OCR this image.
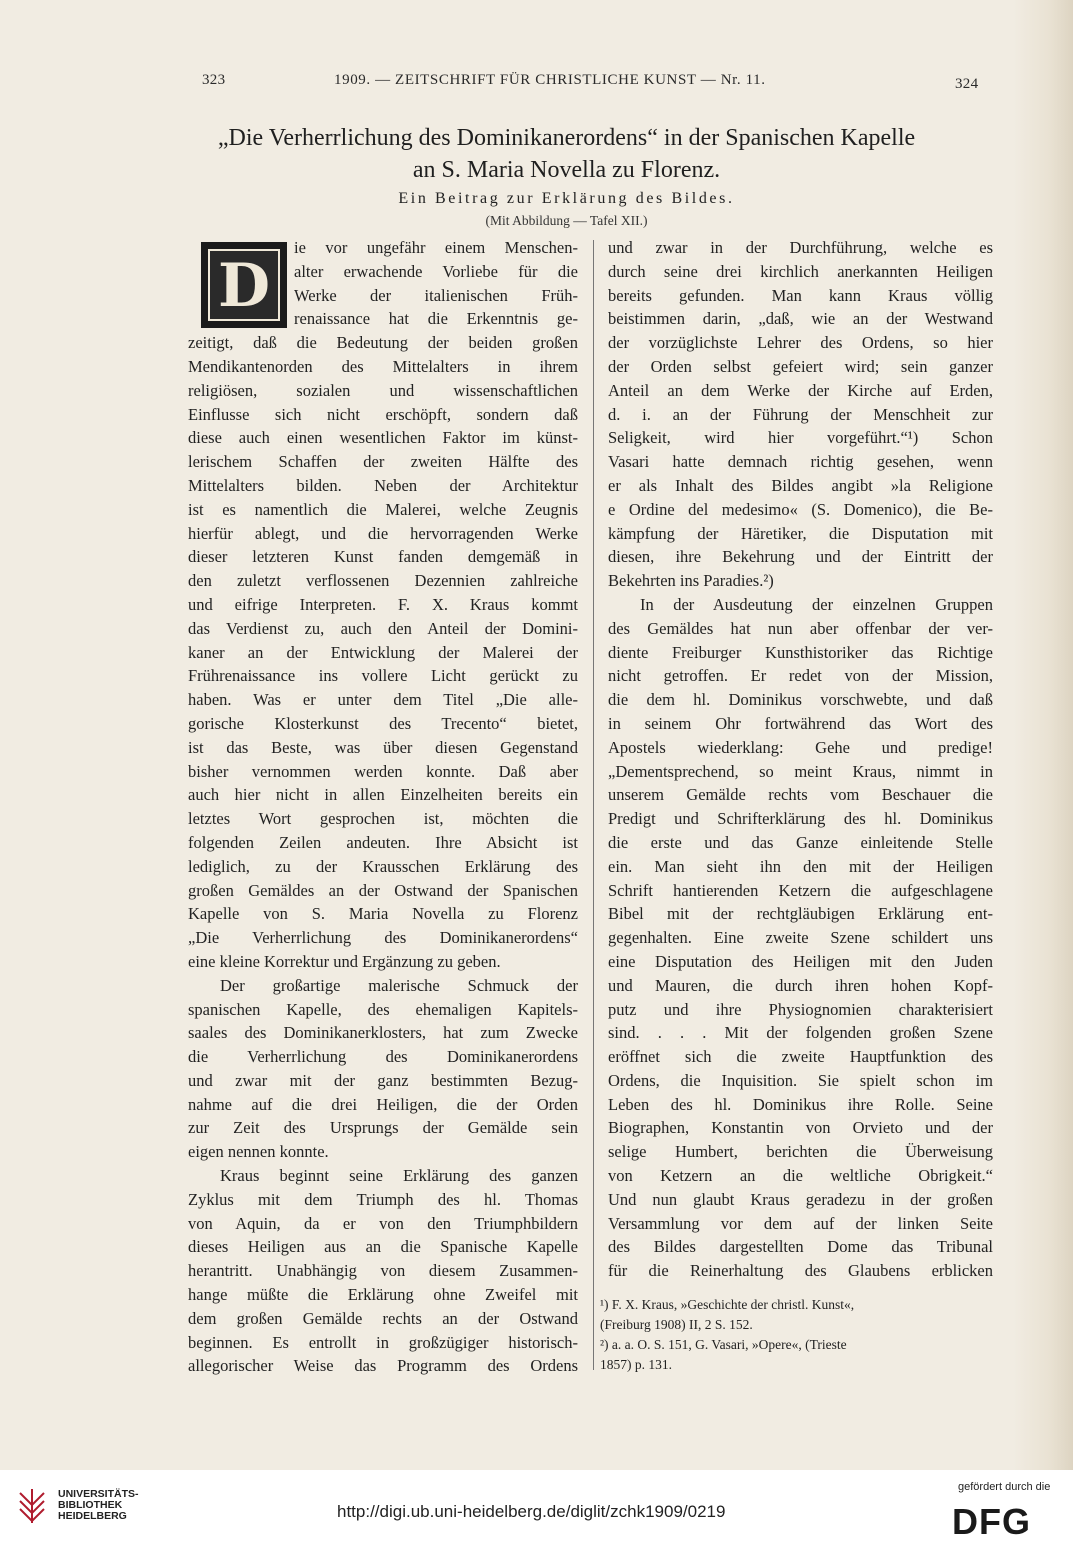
323	1909. — ZEITSCHRIFT FÜR CHRISTLICHE KUNST — Nr. 11.	324
„Die Verherrlichung des Dominikanerordens“ in der Spanischen Kapelle
an S. Maria Novella zu Florenz.
Ein Beitrag zur Erklärung des Bildes.
(Mit Abbildung — Tafel XII.)
D
ie vor ungefähr einem Menschen-
alter erwachende Vorliebe für die
Werke der italienischen Früh-
renaissance hat die Erkenntnis ge-
zeitigt, daß die Bedeutung der beiden großen
Mendikantenorden des Mittelalters in ihrem
religiösen, sozialen und wissenschaftlichen
Einflusse sich nicht erschöpft, sondern daß
diese auch einen wesentlichen Faktor im künst-
lerischem Schaffen der zweiten Hälfte des
Mittelalters bilden. Neben der Architektur
ist es namentlich die Malerei, welche Zeugnis
hierfür ablegt, und die hervorragenden Werke
dieser letzteren Kunst fanden demgemäß in
den zuletzt verflossenen Dezennien zahlreiche
und eifrige Interpreten. F. X. Kraus kommt
das Verdienst zu, auch den Anteil der Domini-
kaner an der Entwicklung der Malerei der
Frührenaissance ins vollere Licht gerückt zu
haben. Was er unter dem Titel „Die alle-
gorische Klosterkunst des Trecento“ bietet,
ist das Beste, was über diesen Gegenstand
bisher vernommen werden konnte. Daß aber
auch hier nicht in allen Einzelheiten bereits ein
letztes Wort gesprochen ist, möchten die
folgenden Zeilen andeuten. Ihre Absicht ist
lediglich, zu der Krausschen Erklärung des
großen Gemäldes an der Ostwand der Spanischen
Kapelle von S. Maria Novella zu Florenz
„Die Verherrlichung des Dominikanerordens“
eine kleine Korrektur und Ergänzung zu geben.
Der großartige malerische Schmuck der
spanischen Kapelle, des ehemaligen Kapitels-
saales des Dominikanerklosters, hat zum Zwecke
die Verherrlichung des Dominikanerordens
und zwar mit der ganz bestimmten Bezug-
nahme auf die drei Heiligen, die der Orden
zur Zeit des Ursprungs der Gemälde sein
eigen nennen konnte.
Kraus beginnt seine Erklärung des ganzen
Zyklus mit dem Triumph des hl. Thomas
von Aquin, da er von den Triumphbildern
dieses Heiligen aus an die Spanische Kapelle
herantritt. Unabhängig von diesem Zusammen-
hange müßte die Erklärung ohne Zweifel mit
dem großen Gemälde rechts an der Ostwand
beginnen. Es entrollt in großzügiger historisch-
allegorischer Weise das Programm des Ordens
und zwar in der Durchführung, welche es
durch seine drei kirchlich anerkannten Heiligen
bereits gefunden. Man kann Kraus völlig
beistimmen darin, „daß, wie an der Westwand
der vorzüglichste Lehrer des Ordens, so hier
der Orden selbst gefeiert wird; sein ganzer
Anteil an dem Werke der Kirche auf Erden,
d. i. an der Führung der Menschheit zur
Seligkeit, wird hier vorgeführt.“¹) Schon
Vasari hatte demnach richtig gesehen, wenn
er als Inhalt des Bildes angibt »la Religione
e Ordine del medesimo« (S. Domenico), die Be-
kämpfung der Häretiker, die Disputation mit
diesen, ihre Bekehrung und der Eintritt der
Bekehrten ins Paradies.²)
In der Ausdeutung der einzelnen Gruppen
des Gemäldes hat nun aber offenbar der ver-
diente Freiburger Kunsthistoriker das Richtige
nicht getroffen. Er redet von der Mission,
die dem hl. Dominikus vorschwebte, und daß
in seinem Ohr fortwährend das Wort des
Apostels wiederklang: Gehe und predige!
„Dementsprechend, so meint Kraus, nimmt in
unserem Gemälde rechts vom Beschauer die
Predigt und Schrifterklärung des hl. Dominikus
die erste und das Ganze einleitende Stelle
ein. Man sieht ihn den mit der Heiligen
Schrift hantierenden Ketzern die aufgeschlagene
Bibel mit der rechtgläubigen Erklärung ent-
gegenhalten. Eine zweite Szene schildert uns
eine Disputation des Heiligen mit den Juden
und Mauren, die durch ihren hohen Kopf-
putz und ihre Physiognomien charakterisiert
sind. . . . Mit der folgenden großen Szene
eröffnet sich die zweite Hauptfunktion des
Ordens, die Inquisition. Sie spielt schon im
Leben des hl. Dominikus ihre Rolle. Seine
Biographen, Konstantin von Orvieto und der
selige Humbert, berichten die Überweisung
von Ketzern an die weltliche Obrigkeit.“
Und nun glaubt Kraus geradezu in der großen
Versammlung vor dem auf der linken Seite
des Bildes dargestellten Dome das Tribunal
für die Reinerhaltung des Glaubens erblicken
¹) F. X. Kraus, »Geschichte der christl. Kunst«,
(Freiburg 1908) II, 2 S. 152.
²) a. a. O. S. 151, G. Vasari, »Opere«, (Trieste
1857) p. 131.
UNIVERSITÄTS-
BIBLIOTHEK
HEIDELBERG	http://digi.ub.uni-heidelberg.de/diglit/zchk1909/0219
gefördert durch die
DFG
